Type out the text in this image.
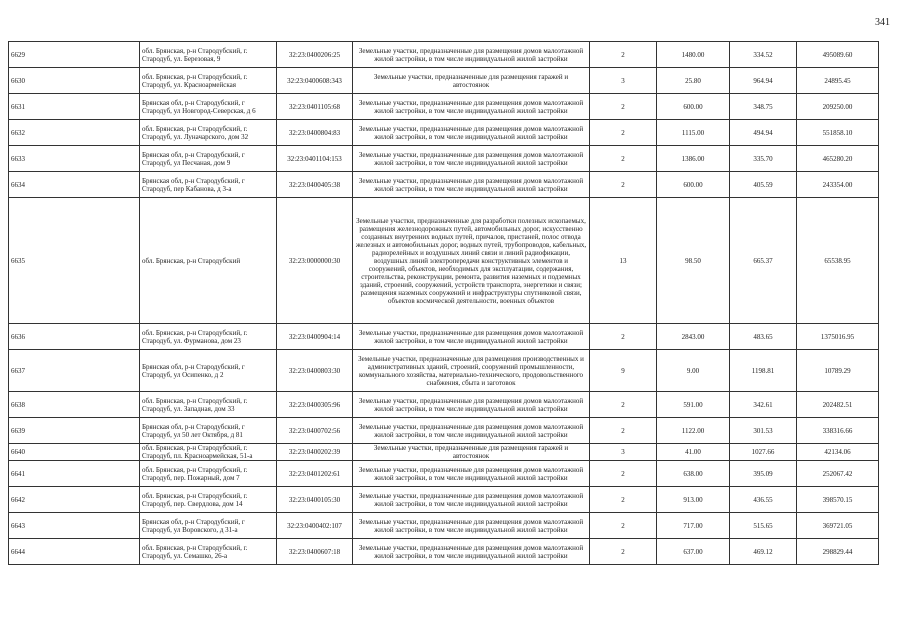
341
6629	обл. Брянская, р-н Стародубский, г. Стародуб, ул. Березовая, 9	32:23:0400206:25	Земельные участки, предназначенные для размещения домов малоэтажной жилой застройки, в том числе индивидуальной жилой застройки	2	1480.00	334.52	495089.60
6630	обл. Брянская, р-н Стародубский, г. Стародуб, ул. Красноармейская	32:23:0400608:343	Земельные участки, предназначенные для размещения гаражей и автостоянок	3	25.80	964.94	24895.45
6631	Брянская обл, р-н Стародубский, г Стародуб, ул Новгород-Северская, д 6	32:23:0401105:68	Земельные участки, предназначенные для размещения домов малоэтажной жилой застройки, в том числе индивидуальной жилой застройки	2	600.00	348.75	209250.00
6632	обл. Брянская, р-н Стародубский, г. Стародуб, ул. Луначарского, дом 32	32:23:0400804:83	Земельные участки, предназначенные для размещения домов малоэтажной жилой застройки, в том числе индивидуальной жилой застройки	2	1115.00	494.94	551858.10
6633	Брянская обл, р-н Стародубский, г Стародуб, ул Песчаная, дом 9	32:23:0401104:153	Земельные участки, предназначенные для размещения домов малоэтажной жилой застройки, в том числе индивидуальной жилой застройки	2	1386.00	335.70	465280.20
6634	Брянская обл, р-н Стародубский, г Стародуб, пер Кабанова, д 3-а	32:23:0400405:38	Земельные участки, предназначенные для размещения домов малоэтажной жилой застройки, в том числе индивидуальной жилой застройки	2	600.00	405.59	243354.00
6635	обл. Брянская, р-н Стародубский	32:23:0000000:30	Земельные участки, предназначенные для разработки полезных ископаемых, размещения железнодорожных путей, автомобильных дорог, искусственно созданных внутренних водных путей, причалов, пристаней, полос отвода железных и автомобильных дорог, водных путей, трубопроводов, кабельных, радиорелейных и воздушных линий связи и линий радиофикации, воздушных линий электропередачи конструктивных элементов и сооружений, объектов, необходимых для эксплуатации, содержания, строительства, реконструкции, ремонта, развития наземных и подземных зданий, строений, сооружений, устройств транспорта, энергетики и связи; размещения наземных сооружений и инфраструктуры спутниковой связи, объектов космической деятельности, военных объектов	13	98.50	665.37	65538.95
6636	обл. Брянская, р-н Стародубский, г. Стародуб, ул. Фурманова, дом 23	32:23:0400904:14	Земельные участки, предназначенные для размещения домов малоэтажной жилой застройки, в том числе индивидуальной жилой застройки	2	2843.00	483.65	1375016.95
6637	Брянская обл, р-н Стародубский, г Стародуб, ул Осипенко, д 2	32:23:0400803:30	Земельные участки, предназначенные для размещения производственных и административных зданий, строений, сооружений промышленности, коммунального хозяйства, материально-технического, продовольственного снабжения, сбыта и заготовок	9	9.00	1198.81	10789.29
6638	обл. Брянская, р-н Стародубский, г. Стародуб, ул. Западная, дом 33	32:23:0400305:96	Земельные участки, предназначенные для размещения домов малоэтажной жилой застройки, в том числе индивидуальной жилой застройки	2	591.00	342.61	202482.51
6639	Брянская обл, р-н Стародубский, г Стародуб, ул 50 лет Октября, д 81	32:23:0400702:56	Земельные участки, предназначенные для размещения домов малоэтажной жилой застройки, в том числе индивидуальной жилой застройки	2	1122.00	301.53	338316.66
6640	обл. Брянская, р-н Стародубский, г. Стародуб, пл. Красноармейская, 51-а	32:23:0400202:39	Земельные участки, предназначенные для размещения гаражей и автостоянок	3	41.00	1027.66	42134.06
6641	обл. Брянская, р-н Стародубский, г. Стародуб, пер. Пожарный, дом 7	32:23:0401202:61	Земельные участки, предназначенные для размещения домов малоэтажной жилой застройки, в том числе индивидуальной жилой застройки	2	638.00	395.09	252067.42
6642	обл. Брянская, р-н Стародубский, г. Стародуб, пер. Свердлова, дом 14	32:23:0400105:30	Земельные участки, предназначенные для размещения домов малоэтажной жилой застройки, в том числе индивидуальной жилой застройки	2	913.00	436.55	398570.15
6643	Брянская обл, р-н Стародубский, г Стародуб, ул Воровского, д 31-а	32:23:0400402:107	Земельные участки, предназначенные для размещения домов малоэтажной жилой застройки, в том числе индивидуальной жилой застройки	2	717.00	515.65	369721.05
6644	обл. Брянская, р-н Стародубский, г. Стародуб, ул. Семашко, 26-а	32:23:0400607:18	Земельные участки, предназначенные для размещения домов малоэтажной жилой застройки, в том числе индивидуальной жилой застройки	2	637.00	469.12	298829.44
